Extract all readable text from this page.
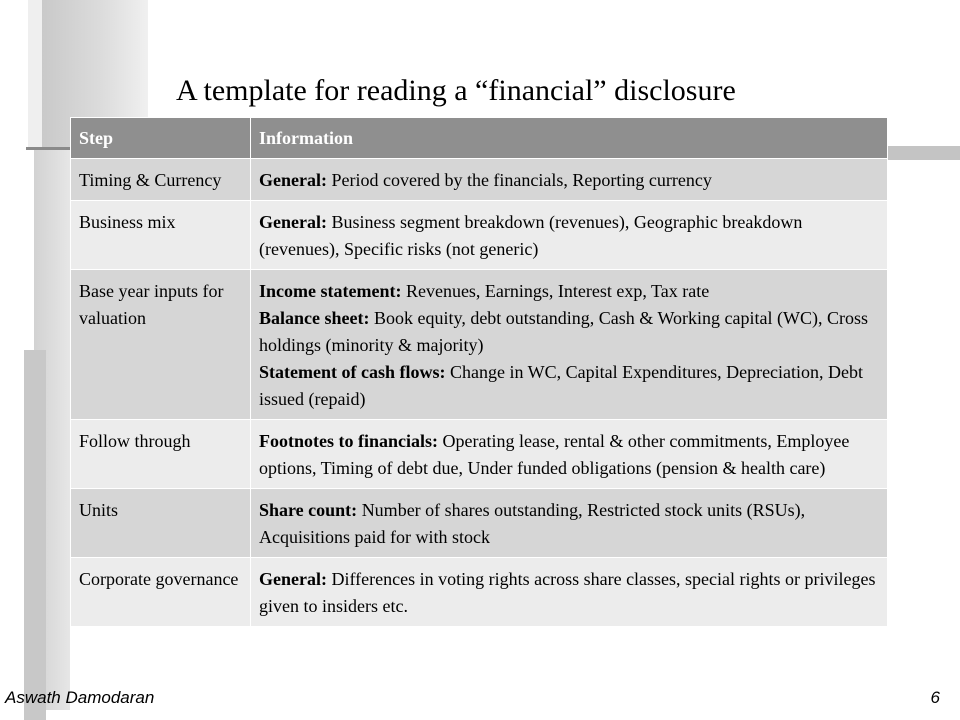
A template for reading a “financial” disclosure
Step	Information
Timing & Currency	General: Period covered by the financials, Reporting currency

Business mix	General: Business segment breakdown (revenues), Geographic breakdown (revenues), Specific risks (not generic)

Base year inputs for valuation	Income statement: Revenues, Earnings, Interest exp, Tax rate
Balance sheet: Book equity, debt outstanding, Cash & Working capital (WC), Cross holdings (minority & majority)
Statement of cash flows: Change in WC, Capital Expenditures, Depreciation, Debt issued (repaid)

Follow through	Footnotes to financials: Operating lease, rental & other commitments, Employee options, Timing of debt due, Under funded obligations (pension & health care)

Units	Share count: Number of shares outstanding, Restricted stock units (RSUs), Acquisitions paid for with stock

Corporate governance	General: Differences in voting rights across share classes, special rights or privileges given to insiders etc.
Aswath Damodaran	6
